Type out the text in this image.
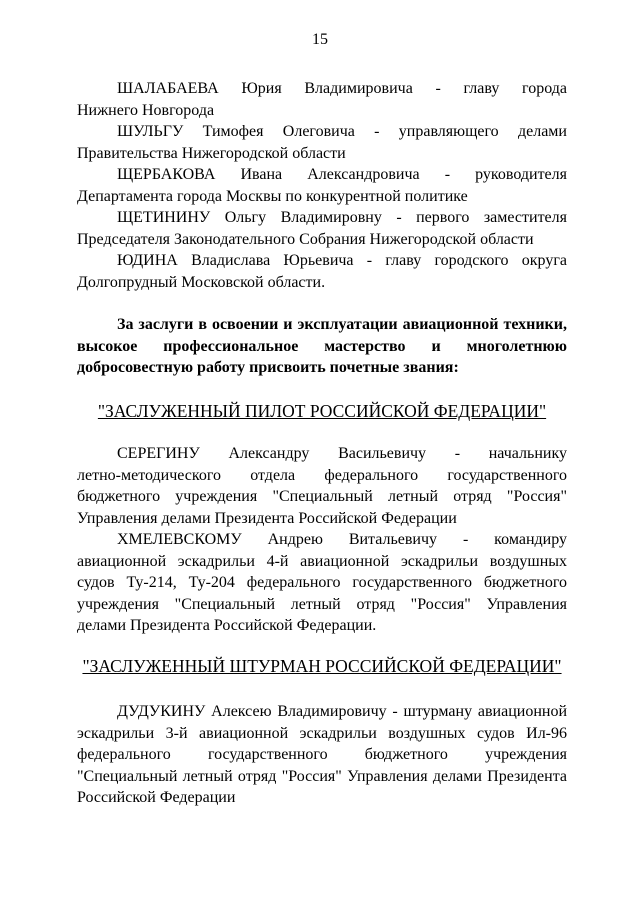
15

ШАЛАБАЕВА Юрия Владимировича - главу города

Нижнего Новгорода

ШУЛЬГУ Тимофея Олеговича - управляющего делами

Правительства Нижегородской области

ЩЕРБАКОВА Ивана Александровича - руководителя

Департамента города Москвы по конкурентной политике

ЩЕТИНИНУ Ольгу Владимировну - первого заместителя

Председателя Законодательного Собрания Нижегородской области

ЮДИНА Владислава Юрьевича - главу городского округа

Долгопрудный Московской области.

За заслуги в освоении и эксплуатации авиационной техники,

высокое профессиональное мастерство и многолетнюю

добросовестную работу присвоить почетные звания:

"ЗАСЛУЖЕННЫЙ ПИЛОТ РОССИЙСКОЙ ФЕДЕРАЦИИ"

СЕРЕГИНУ Александру Васильевичу - начальнику

летно-методического отдела федерального государственного

бюджетного учреждения "Специальный летный отряд "Россия"

Управления делами Президента Российской Федерации

ХМЕЛЕВСКОМУ Андрею Витальевичу - командиру

авиационной эскадрильи 4-й авиационной эскадрильи воздушных

судов Ту-214, Ту-204 федерального государственного бюджетного

учреждения "Специальный летный отряд "Россия" Управления

делами Президента Российской Федерации.

"ЗАСЛУЖЕННЫЙ ШТУРМАН РОССИЙСКОЙ ФЕДЕРАЦИИ"

ДУДУКИНУ Алексею Владимировичу - штурману авиационной

эскадрильи 3-й авиационной эскадрильи воздушных судов Ил-96

федерального государственного бюджетного учреждения

"Специальный летный отряд "Россия" Управления делами Президента

Российской Федерации
